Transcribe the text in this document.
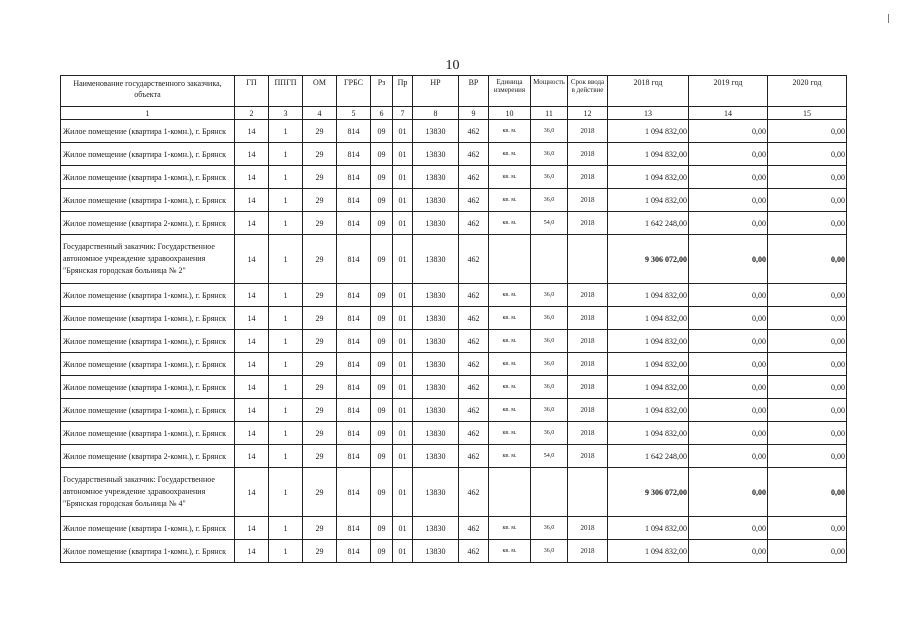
10
Наименование государственного заказчика, объекта	ГП	ППГП	ОМ	ГРБС	Рз	Пр	НР	ВР	Единица измерения	Мощность	Срок ввода в действие	2018 год	2019 год	2020 год
1	2	3	4	5	6	7	8	9	10	11	12	13	14	15
Жилое помещение (квартира 1-комн.), г. Брянск	14	1	29	814	09	01	13830	462	кв. м.	36,0	2018	1 094 832,00	0,00	0,00
Жилое помещение (квартира 1-комн.), г. Брянск	14	1	29	814	09	01	13830	462	кв. м.	36,0	2018	1 094 832,00	0,00	0,00
Жилое помещение (квартира 1-комн.), г. Брянск	14	1	29	814	09	01	13830	462	кв. м.	36,0	2018	1 094 832,00	0,00	0,00
Жилое помещение (квартира 1-комн.), г. Брянск	14	1	29	814	09	01	13830	462	кв. м.	36,0	2018	1 094 832,00	0,00	0,00
Жилое помещение (квартира 2-комн.), г. Брянск	14	1	29	814	09	01	13830	462	кв. м.	54,0	2018	1 642 248,00	0,00	0,00
Государственный заказчик: Государственное автономное учреждение здравоохранения "Брянская городская больница № 2"	14	1	29	814	09	01	13830	462				9 306 072,00	0,00	0,00
Жилое помещение (квартира 1-комн.), г. Брянск	14	1	29	814	09	01	13830	462	кв. м.	36,0	2018	1 094 832,00	0,00	0,00
Жилое помещение (квартира 1-комн.), г. Брянск	14	1	29	814	09	01	13830	462	кв. м.	36,0	2018	1 094 832,00	0,00	0,00
Жилое помещение (квартира 1-комн.), г. Брянск	14	1	29	814	09	01	13830	462	кв. м.	36,0	2018	1 094 832,00	0,00	0,00
Жилое помещение (квартира 1-комн.), г. Брянск	14	1	29	814	09	01	13830	462	кв. м.	36,0	2018	1 094 832,00	0,00	0,00
Жилое помещение (квартира 1-комн.), г. Брянск	14	1	29	814	09	01	13830	462	кв. м.	36,0	2018	1 094 832,00	0,00	0,00
Жилое помещение (квартира 1-комн.), г. Брянск	14	1	29	814	09	01	13830	462	кв. м.	36,0	2018	1 094 832,00	0,00	0,00
Жилое помещение (квартира 1-комн.), г. Брянск	14	1	29	814	09	01	13830	462	кв. м.	36,0	2018	1 094 832,00	0,00	0,00
Жилое помещение (квартира 2-комн.), г. Брянск	14	1	29	814	09	01	13830	462	кв. м.	54,0	2018	1 642 248,00	0,00	0,00
Государственный заказчик: Государственное автономное учреждение здравоохранения "Брянская городская больница № 4"	14	1	29	814	09	01	13830	462				9 306 072,00	0,00	0,00
Жилое помещение (квартира 1-комн.), г. Брянск	14	1	29	814	09	01	13830	462	кв. м.	36,0	2018	1 094 832,00	0,00	0,00
Жилое помещение (квартира 1-комн.), г. Брянск	14	1	29	814	09	01	13830	462	кв. м.	36,0	2018	1 094 832,00	0,00	0,00
